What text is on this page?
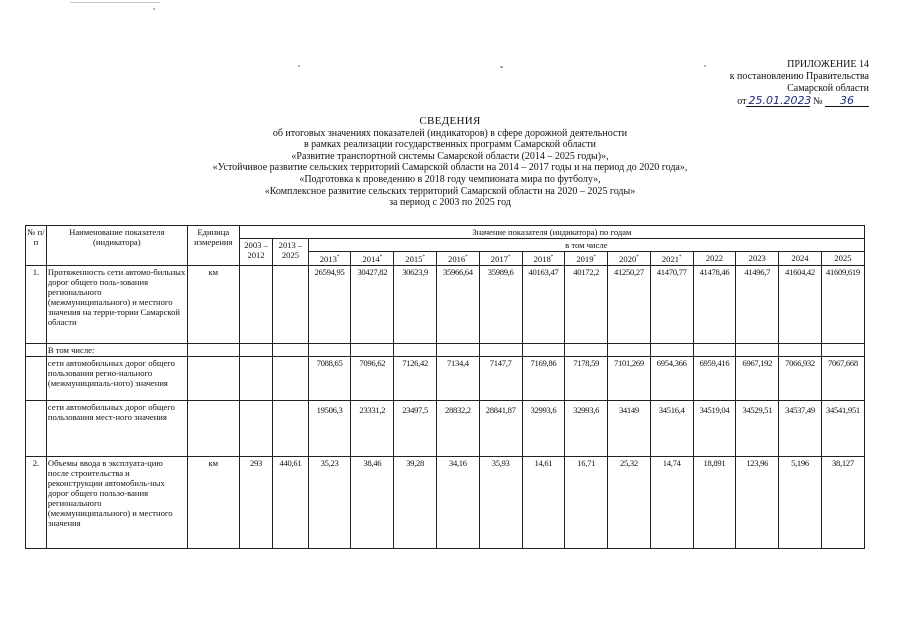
ПРИЛОЖЕНИЕ 14
к постановлению Правительства
Самарской области
от 25.01.2023 № 36
СВЕДЕНИЯ
об итоговых значениях показателей (индикаторов) в сфере дорожной деятельности
в рамках реализации государственных программ Самарской области
«Развитие транспортной системы Самарской области (2014 – 2025 годы)»,
«Устойчивое развитие сельских территорий Самарской области на 2014 – 2017 годы и на период до 2020 года»,
«Подготовка к проведению в 2018 году чемпионата мира по футболу»,
«Комплексное развитие сельских территорий Самарской области на 2020 – 2025 годы»
за период с 2003 по 2025 год
№ п/п	Наименование показателя (индикатора)	Единица измерения	Значение показателя (индикатора) по годам														
			2003 – 2012	2013 – 2025	в том числе												
					2013*	2014*	2015*	2016*	2017*	2018*	2019*	2020*	2021*	2022	2023	2024	2025
1.	Протяженность сети автомо-бильных дорог общего поль-зования регионального (межмуниципального) и местного значения на терри-тории Самарской области	км			26594,95	30427,82	30623,9	35966,64	35989,6	40163,47	40172,2	41250,27	41470,77	41478,46	41496,7	41604,42	41609,619
	В том числе:																
	сети автомобильных дорог общего пользования регио-нального (межмуниципаль-ного) значения				7088,65	7096,62	7126,42	7134,4	7147,7	7169,86	7178,59	7101,269	6954,366	6959,416	6967,192	7066,932	7067,668
	сети автомобильных дорог общего пользования мест-ного значения				19506,3	23331,2	23497,5	28832,2	28841,87	32993,6	32993,6	34149	34516,4	34519,04	34529,51	34537,49	34541,951
2.	Объемы ввода в эксплуата-цию после строительства и реконструкции автомобиль-ных дорог общего пользо-вания регионального (межмуниципального) и местного значения	км	293	440,61	35,23	38,46	39,28	34,16	35,93	14,61	16,71	25,32	14,74	18,891	123,96	5,196	38,127
